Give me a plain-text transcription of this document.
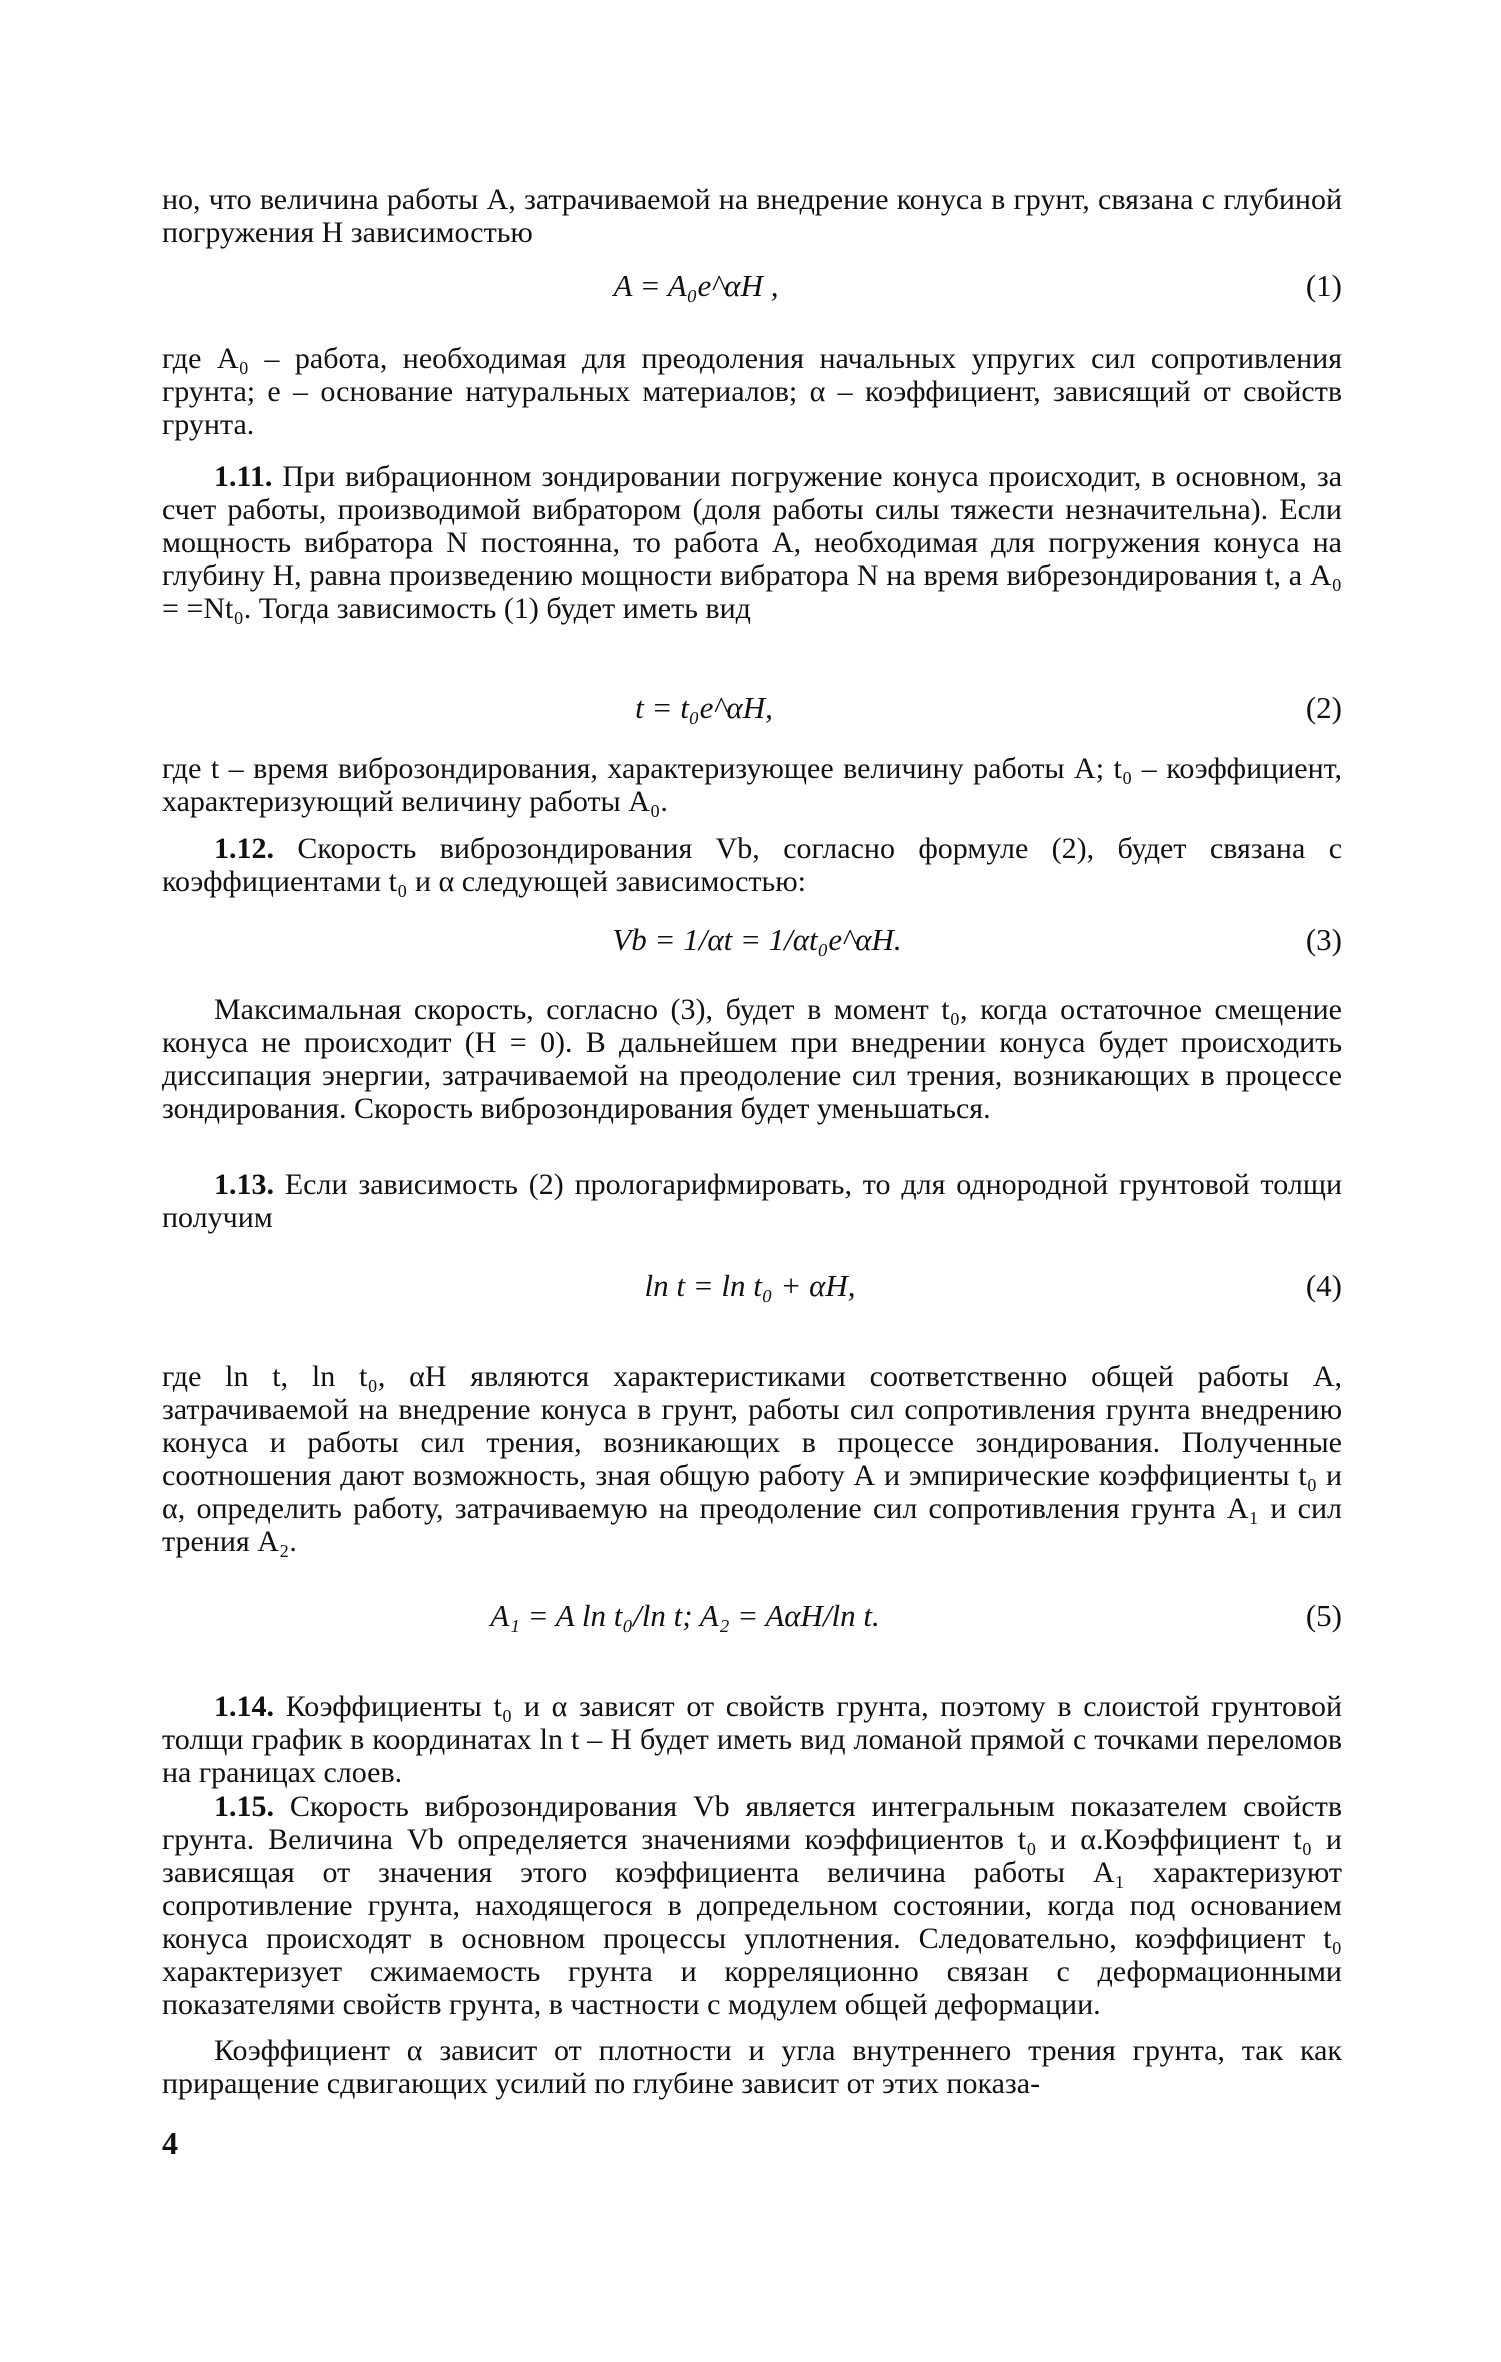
но, что величина работы А, затрачиваемой на внедрение конуса в грунт, связана с глубиной погружения H зависимостью

A = A₀e^αH ,	(1)

где A₀ – работа, необходимая для преодоления начальных упругих сил сопротивления грунта; е – основание натуральных материалов; α – коэффициент, зависящий от свойств грунта.

1.11. При вибрационном зондировании погружение конуса происходит, в основном, за счет работы, производимой вибратором (доля работы силы тяжести незначительна). Если мощность вибратора N постоянна, то работа А, необходимая для погружения конуса на глубину H, равна произведению мощности вибратора N на время вибрeзондирования t, а A₀ = =Nt₀. Тогда зависимость (1) будет иметь вид

t = t₀e^αH,	(2)

где t – время виброзондирования, характеризующее величину работы А; t₀ – коэффициент, характеризующий величину работы A₀.

1.12. Скорость виброзондирования Vb, согласно формуле (2), будет связана с коэффициентами t₀ и α следующей зависимостью:

Vb = 1/αt = 1/αt₀e^αH.	(3)

Максимальная скорость, согласно (3), будет в момент t₀, когда остаточное смещение конуса не происходит (H = 0). В дальнейшем при внедрении конуса будет происходить диссипация энергии, затрачиваемой на преодоление сил трения, возникающих в процессе зондирования. Скорость виброзондирования будет уменьшаться.

1.13. Если зависимость (2) прологарифмировать, то для однородной грунтовой толщи получим

ln t = ln t₀ + αH,	(4)

где ln t, ln t₀, αH являются характеристиками соответственно общей работы А, затрачиваемой на внедрение конуса в грунт, работы сил сопротивления грунта внедрению конуса и работы сил трения, возникающих в процессе зондирования. Полученные соотношения дают возможность, зная общую работу А и эмпирические коэффициенты t₀ и α, определить работу, затрачиваемую на преодоление сил сопротивления грунта A₁ и сил трения A₂.

A₁ = A ln t₀/ln t; A₂ = AαH/ln t.	(5)

1.14. Коэффициенты t₀ и α зависят от свойств грунта, поэтому в слоистой грунтовой толщи график в координатах ln t – H будет иметь вид ломаной прямой с точками переломов на границах слоев.

1.15. Скорость виброзондирования Vb является интегральным показателем свойств грунта. Величина Vb определяется значениями коэффициентов t₀ и α.Коэффициент t₀ и зависящая от значения этого коэффициента величина работы A₁ характеризуют сопротивление грунта, находящегося в допредельном состоянии, когда под основанием конуса происходят в основном процессы уплотнения. Следовательно, коэффициент t₀ характеризует сжимаемость грунта и корреляционно связан с деформационными показателями свойств грунта, в частности с модулем общей деформации.

Коэффициент α зависит от плотности и угла внутреннего трения грунта, так как приращение сдвигающих усилий по глубине зависит от этих показа-

4
